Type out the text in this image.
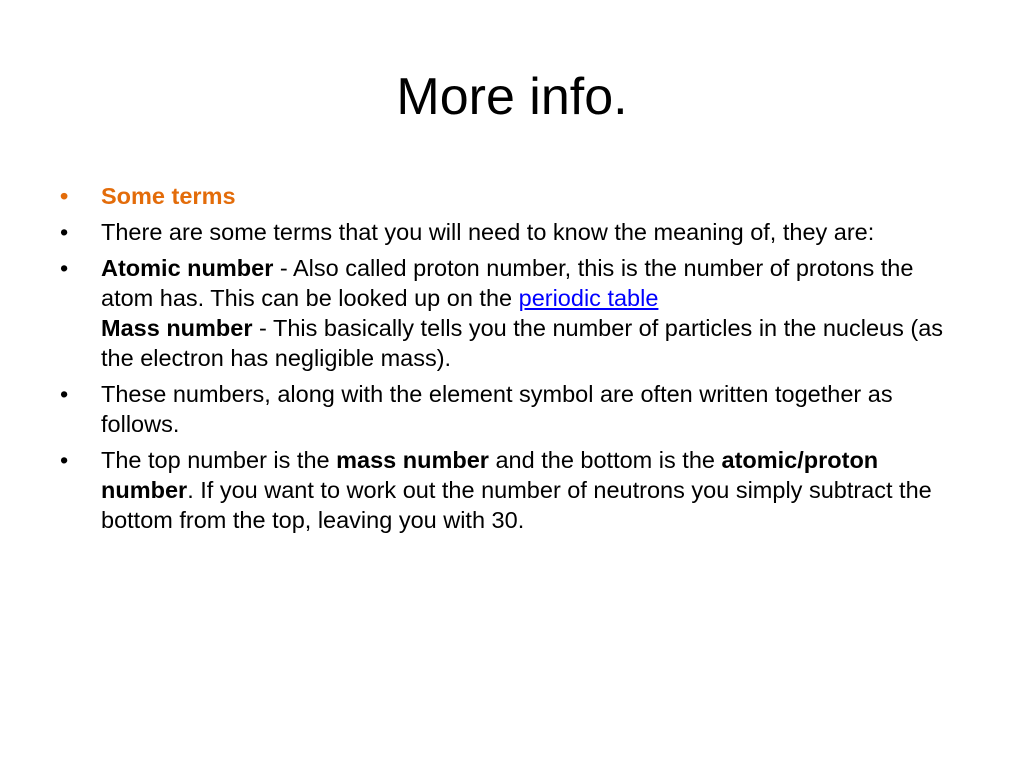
More info.
• Some terms
• There are some terms that you will need to know the meaning of, they are:
• Atomic number - Also called proton number, this is the number of protons the atom has. This can be looked up on the periodic table
Mass number - This basically tells you the number of particles in the nucleus (as the electron has negligible mass).
• These numbers, along with the element symbol are often written together as follows.
• The top number is the mass number and the bottom is the atomic/proton number. If you want to work out the number of neutrons you simply subtract the bottom from the top, leaving you with 30.
